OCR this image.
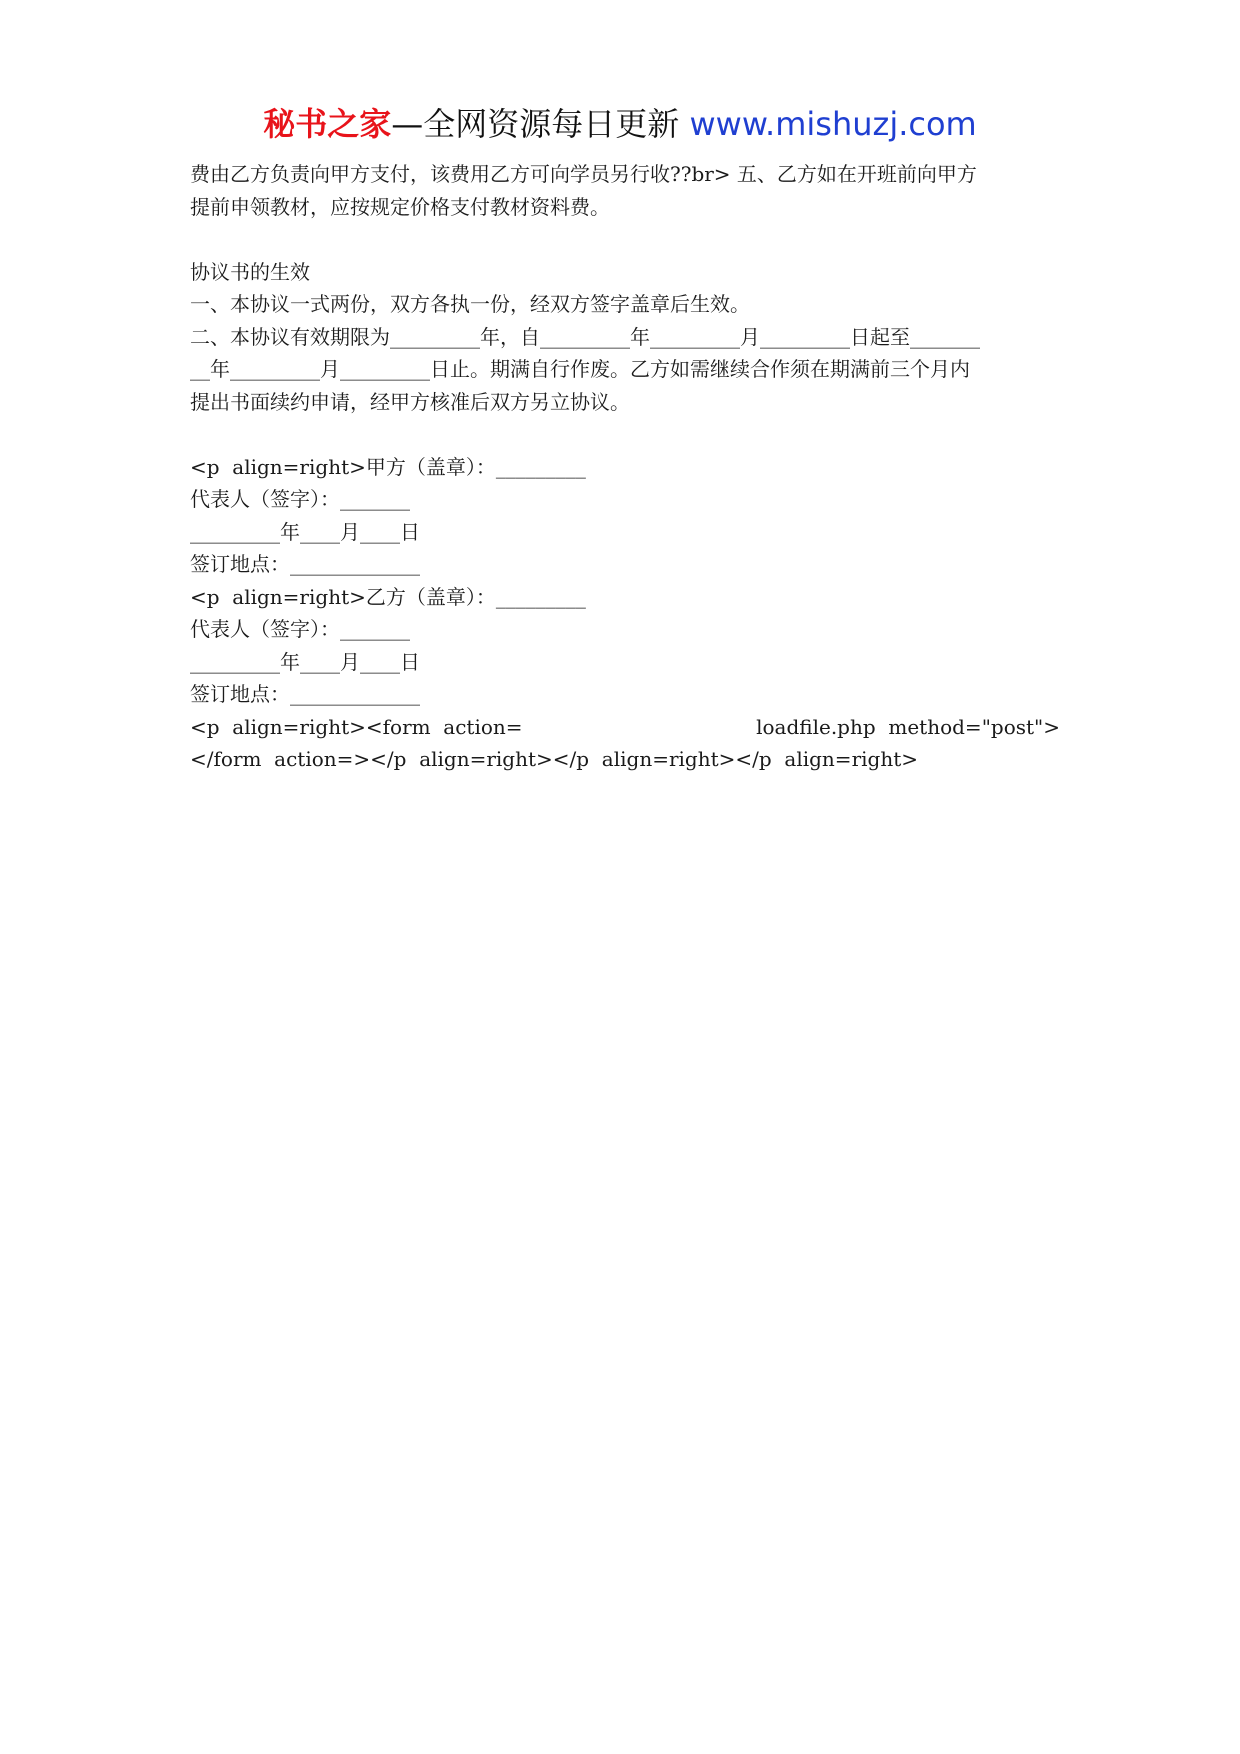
秘书之家—全网资源每日更新 www.mishuzj.com
费由乙方负责向甲方支付，该费用乙方可向学员另行收??br> 五、乙方如在开班前向甲方
提前申领教材，应按规定价格支付教材资料费。
协议书的生效
一、本协议一式两份，双方各执一份，经双方签字盖章后生效。
二、本协议有效期限为_________年，自_________年_________月_________日起至_______
__年_________月_________日止。期满自行作废。乙方如需继续合作须在期满前三个月内
提出书面续约申请，经甲方核准后双方另立协议。
<p  align=right>甲方（盖章）：_________
代表人（签字）：_______
_________年____月____日
签订地点：_____________
<p  align=right>乙方（盖章）：_________
代表人（签字）：_______
_________年____月____日
签订地点：_____________
<p  align=right><form  action=	loadfile.php  method="post">
</form  action=></p  align=right></p  align=right></p  align=right>
